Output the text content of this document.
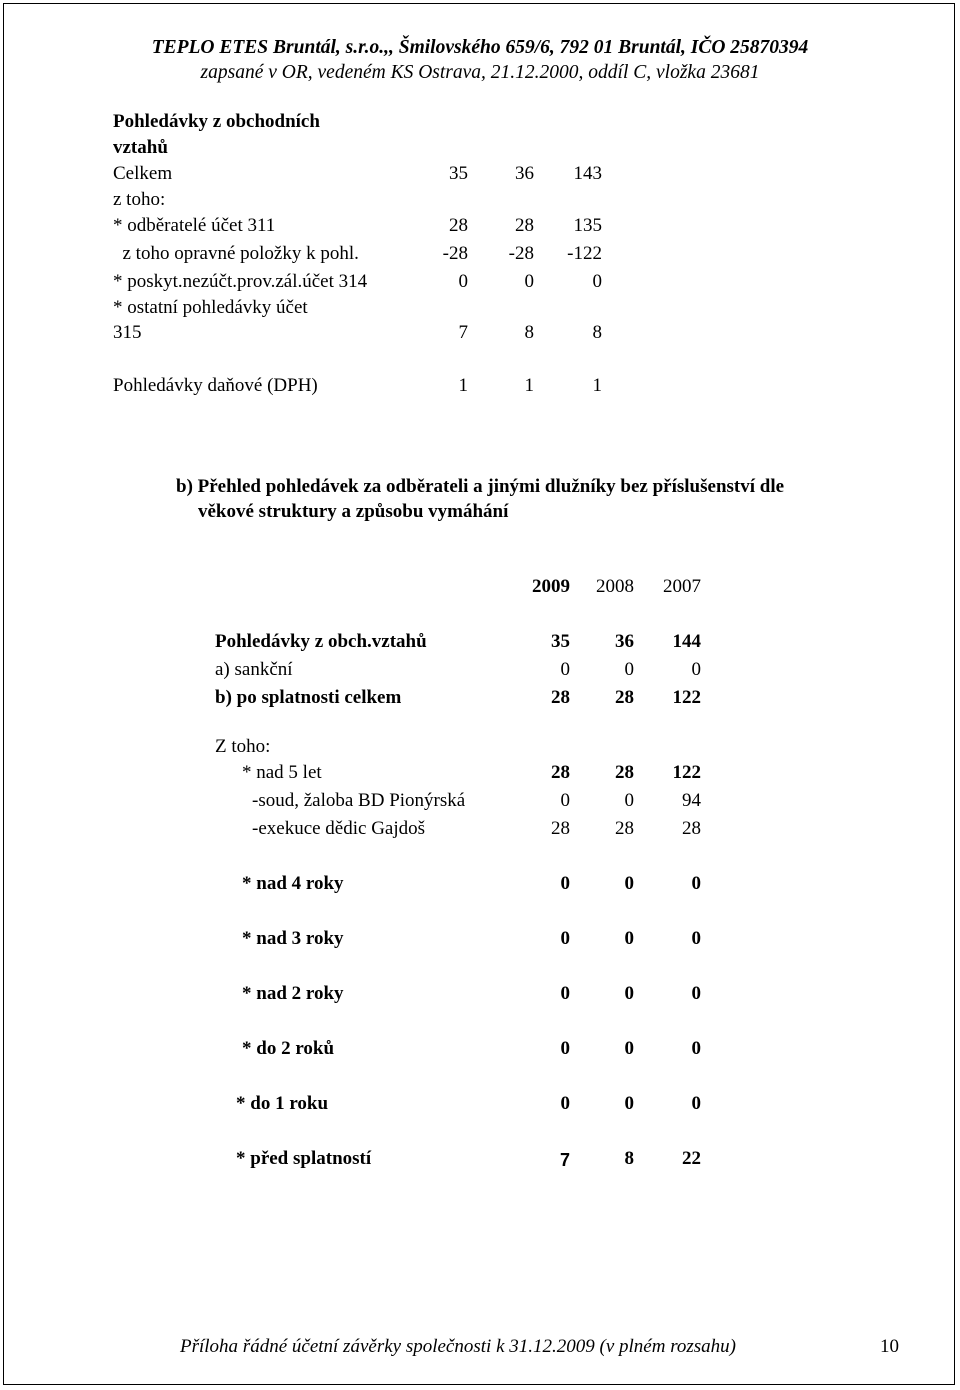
TEPLO ETES Bruntál, s.r.o.,, Šmilovského 659/6, 792 01 Bruntál, IČO 25870394
zapsané v OR, vedeném KS Ostrava, 21.12.2000, oddíl C, vložka 23681
Pohledávky z obchodních
vztahů
Celkem	35	36	143
z toho:
* odběratelé účet 311	28	28	135
z toho opravné položky k pohl.	-28	-28	-122
* poskyt.nezúčt.prov.zál.účet 314	0	0	0
* ostatní pohledávky účet
315	7	8	8
Pohledávky daňové (DPH)	1	1	1
b) Přehled pohledávek za odběrateli a jinými dlužníky bez příslušenství dle
věkové struktury a způsobu vymáhání
2009	2008	2007
Pohledávky z obch.vztahů	35	36	144
a) sankční	0	0	0
b) po splatnosti celkem	28	28	122
Z toho:
* nad 5 let	28	28	122
-soud, žaloba BD Pionýrská	0	0	94
-exekuce dědic Gajdoš	28	28	28
* nad 4 roky	0	0	0
* nad 3 roky	0	0	0
* nad 2 roky	0	0	0
* do 2 roků	0	0	0
* do 1 roku	0	0	0
* před splatností	7	8	22
Příloha řádné účetní závěrky společnosti k 31.12.2009 (v plném rozsahu)	10
